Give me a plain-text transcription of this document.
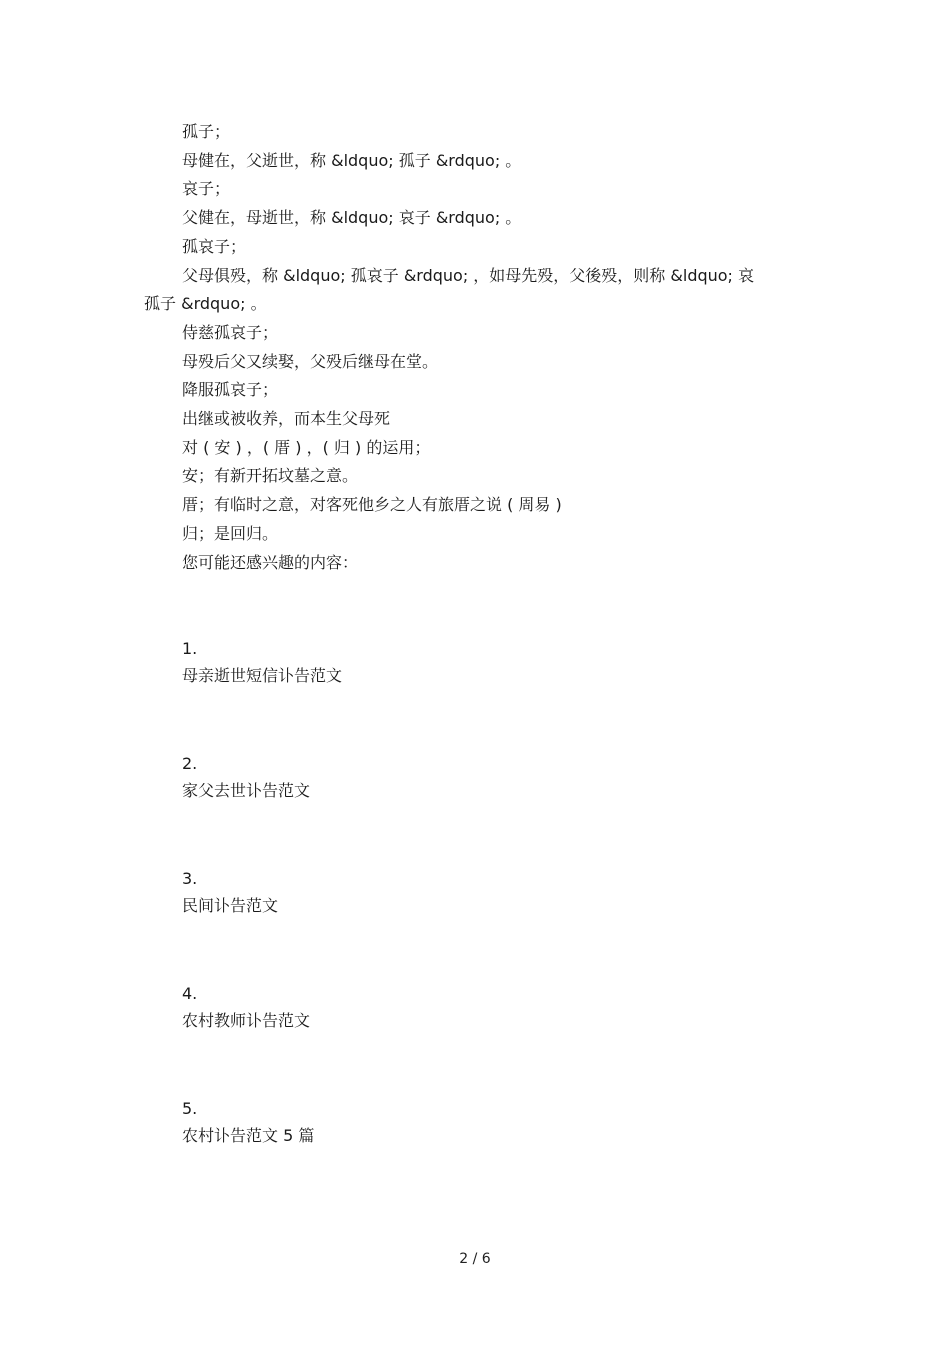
孤子；
母健在，父逝世，称 &ldquo; 孤子 &rdquo; 。
哀子；
父健在，母逝世，称 &ldquo; 哀子 &rdquo; 。
孤哀子；
父母俱殁，称 &ldquo; 孤哀子 &rdquo; ，如母先殁，父後殁，则称 &ldquo; 哀
孤子 &rdquo; 。
侍慈孤哀子；
母殁后父又续娶，父殁后继母在堂。
降服孤哀子；
出继或被收养，而本生父母死
对 ( 安 ) ，( 厝 ) ，( 归 ) 的运用；
安；有新开拓坟墓之意。
厝；有临时之意，对客死他乡之人有旅厝之说 ( 周易 )
归；是回归。
您可能还感兴趣的内容：
1.
母亲逝世短信讣告范文
2.
家父去世讣告范文
3.
民间讣告范文
4.
农村教师讣告范文
5.
农村讣告范文 5 篇
2 / 6
